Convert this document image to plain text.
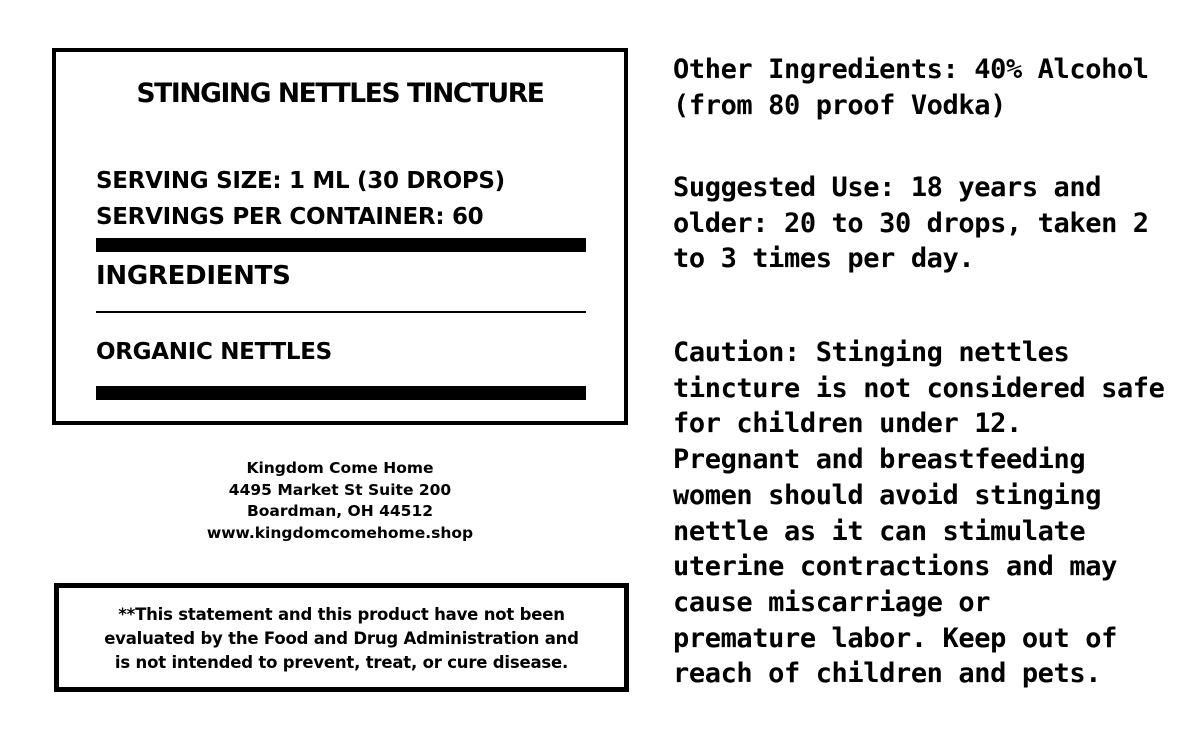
STINGING NETTLES TINCTURE
SERVING SIZE: 1 ML (30 DROPS)
SERVINGS PER CONTAINER: 60
INGREDIENTS
ORGANIC NETTLES
Kingdom Come Home
4495 Market St Suite 200
Boardman, OH 44512
www.kingdomcomehome.shop
**This statement and this product have not been
evaluated by the Food and Drug Administration and
is not intended to prevent, treat, or cure disease.
Other Ingredients: 40% Alcohol
(from 80 proof Vodka)
Suggested Use: 18 years and
older: 20 to 30 drops, taken 2
to 3 times per day.
Caution: Stinging nettles
tincture is not considered safe
for children under 12.
Pregnant and breastfeeding
women should avoid stinging
nettle as it can stimulate
uterine contractions and may
cause miscarriage or
premature labor. Keep out of
reach of children and pets.
